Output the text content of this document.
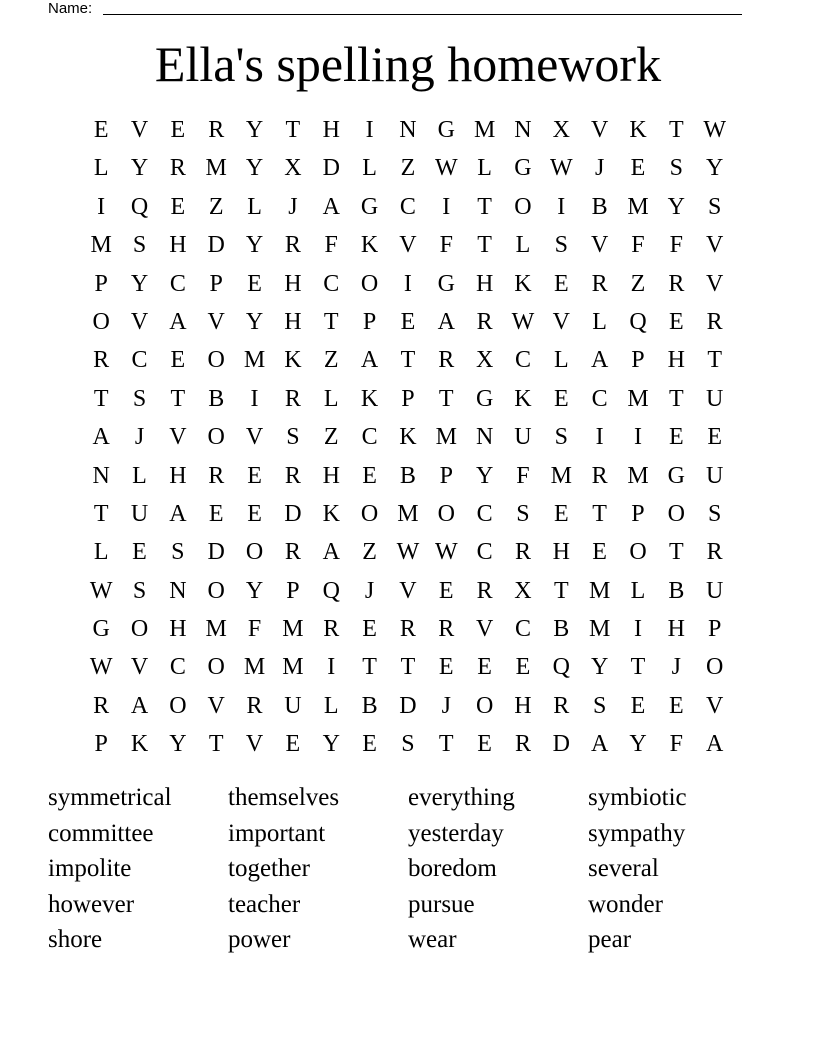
Name:
Ella's spelling homework
E V E R Y T H	I	N G M N X V K T W
L Y R M Y X D L Z W L G W J	E	S Y
I	Q E Z L	J	A G C	I	T O	I	B M Y S
M S H D Y R F K V F	T L	S V F	F V
P Y C P	E H C O	I	G H K E R Z R V
O V A V Y H T	P	E A R W V L Q E R
R C E O M K Z A T R X C L A P H T
T	S	T B	I	R L K P	T G K E C M T U
A	J	V O V S	Z C K M N U S	I	I	E E
N L H R E R H E B P Y F M R M G U
T U A E E D K O M O C S	E T	P O S
L E	S D O R A Z W W C R H E O T R
W S N O Y P Q	J	V E R X T M L B U
G O H M F M R E R R V C B M I	H P
W V C O M M I	T T E E E Q Y T	J	O
R A O V R U L B D	J	O H R S	E E V
P K Y T V E Y E	S	T E R D A Y F A
symmetrical	themselves	everything	symbiotic
committee	important	yesterday	sympathy
impolite	together	boredom	several
however	teacher	pursue	wonder
shore	power	wear	pear
